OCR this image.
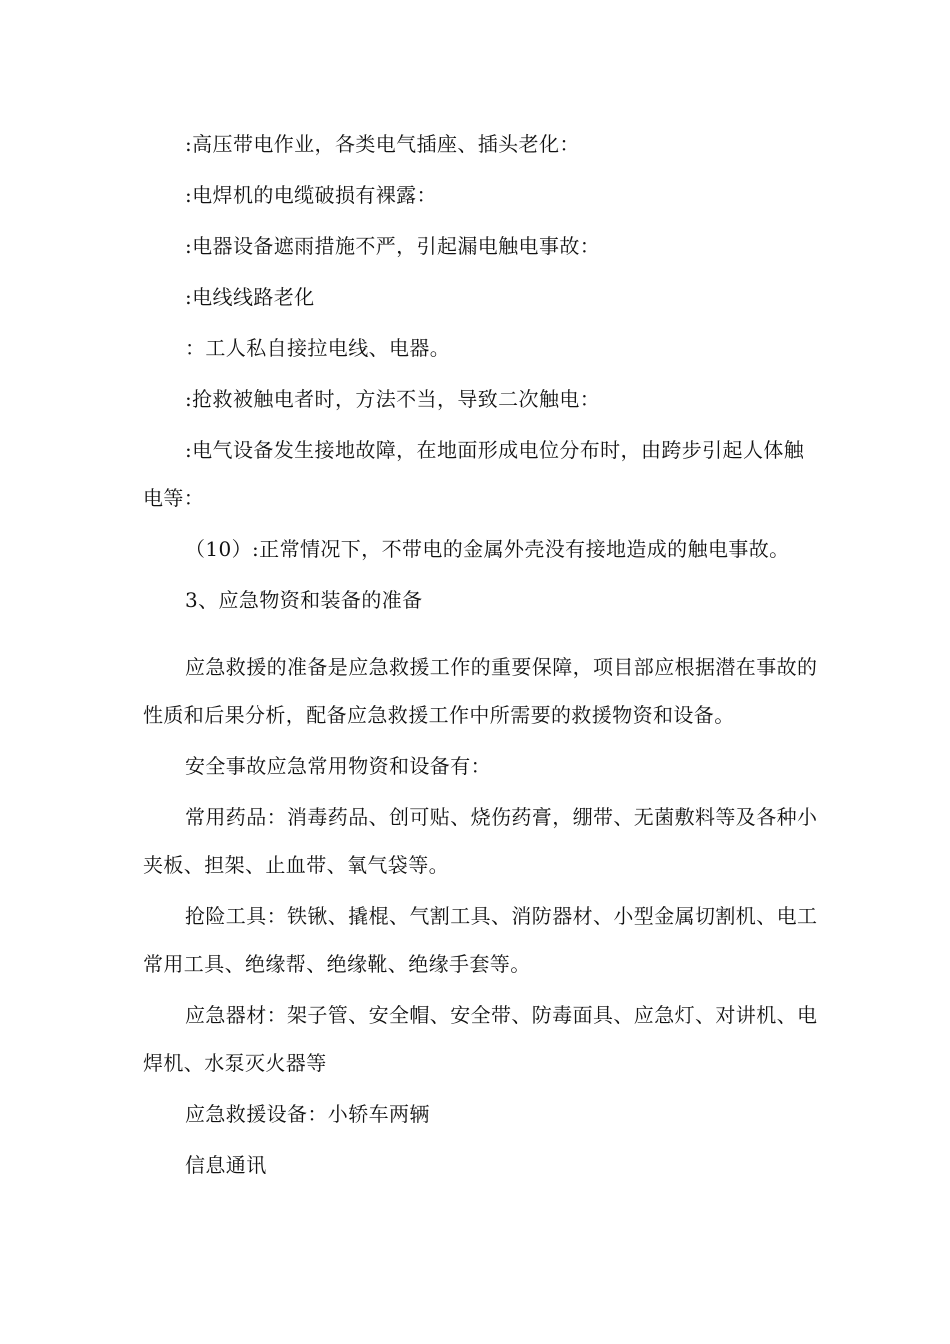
:高压带电作业，各类电气插座、插头老化：

:电焊机的电缆破损有裸露：

:电器设备遮雨措施不严，引起漏电触电事故：

:电线线路老化

：工人私自接拉电线、电器。

:抢救被触电者时，方法不当，导致二次触电：

:电气设备发生接地故障，在地面形成电位分布时，由跨步引起人体触电等：

（10）:正常情况下，不带电的金属外壳没有接地造成的触电事故。

3、应急物资和装备的准备

应急救援的准备是应急救援工作的重要保障，项目部应根据潜在事故的性质和后果分析，配备应急救援工作中所需要的救援物资和设备。

安全事故应急常用物资和设备有：

常用药品：消毒药品、创可贴、烧伤药膏，绷带、无菌敷料等及各种小夹板、担架、止血带、氧气袋等。

抢险工具：铁锹、撬棍、气割工具、消防器材、小型金属切割机、电工常用工具、绝缘帮、绝缘靴、绝缘手套等。

应急器材：架子管、安全帽、安全带、防毒面具、应急灯、对讲机、电焊机、水泵灭火器等

应急救援设备：小轿车两辆

信息通讯
